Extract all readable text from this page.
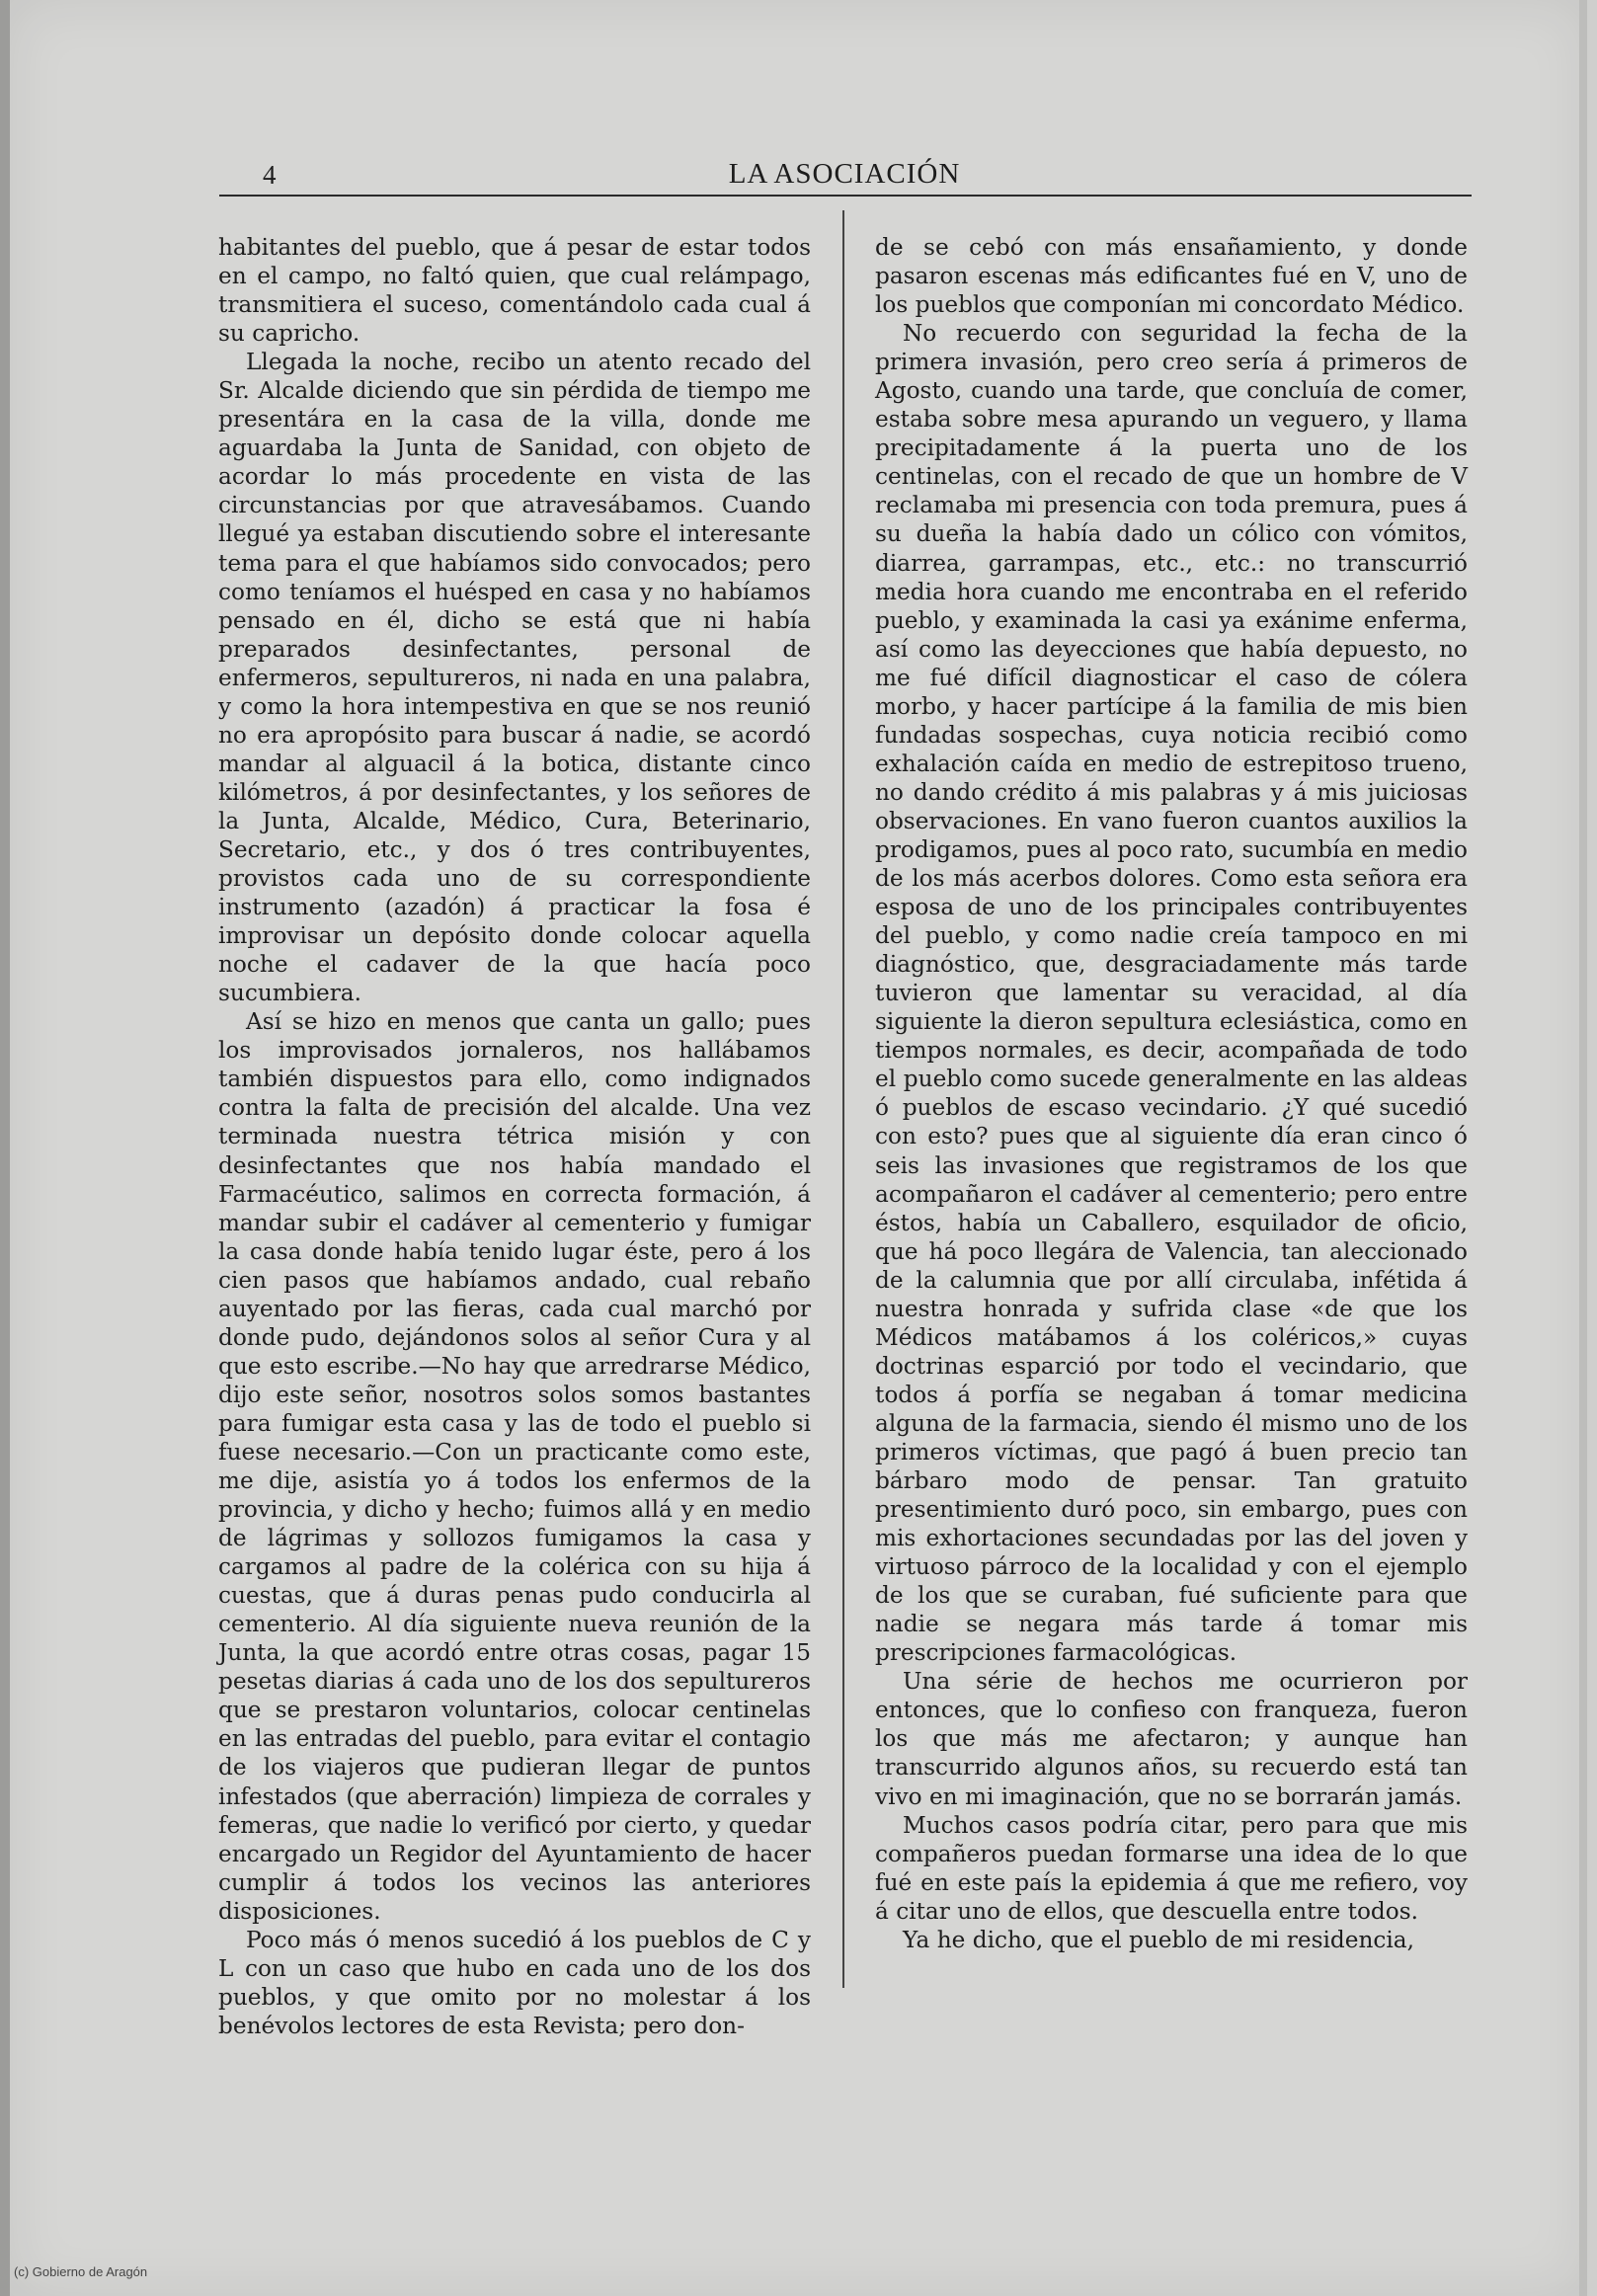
4	LA ASOCIACIÓN

habitantes del pueblo, que á pesar de estar todos en el campo, no faltó quien, que cual relámpago, transmitiera el suceso, comentándolo cada cual á su capricho.

Llegada la noche, recibo un atento recado del Sr. Alcalde diciendo que sin pérdida de tiempo me presentára en la casa de la villa, donde me aguardaba la Junta de Sanidad, con objeto de acordar lo más procedente en vista de las circunstancias por que atravesábamos. Cuando llegué ya estaban discutiendo sobre el interesante tema para el que habíamos sido convocados; pero como teníamos el huésped en casa y no habíamos pensado en él, dicho se está que ni había preparados desinfectantes, personal de enfermeros, sepultureros, ni nada en una palabra, y como la hora intempestiva en que se nos reunió no era apropósito para buscar á nadie, se acordó mandar al alguacil á la botica, distante cinco kilómetros, á por desinfectantes, y los señores de la Junta, Alcalde, Médico, Cura, Beterinario, Secretario, etc., y dos ó tres contribuyentes, provistos cada uno de su correspondiente instrumento (azadón) á practicar la fosa é improvisar un depósito donde colocar aquella noche el cadaver de la que hacía poco sucumbiera.

Así se hizo en menos que canta un gallo; pues los improvisados jornaleros, nos hallábamos también dispuestos para ello, como indignados contra la falta de precisión del alcalde. Una vez terminada nuestra tétrica misión y con desinfectantes que nos había mandado el Farmacéutico, salimos en correcta formación, á mandar subir el cadáver al cementerio y fumigar la casa donde había tenido lugar éste, pero á los cien pasos que habíamos andado, cual rebaño auyentado por las fieras, cada cual marchó por donde pudo, dejándonos solos al señor Cura y al que esto escribe.—No hay que arredrarse Médico, dijo este señor, nosotros solos somos bastantes para fumigar esta casa y las de todo el pueblo si fuese necesario.—Con un practicante como este, me dije, asistía yo á todos los enfermos de la provincia, y dicho y hecho; fuimos allá y en medio de lágrimas y sollozos fumigamos la casa y cargamos al padre de la colérica con su hija á cuestas, que á duras penas pudo conducirla al cementerio. Al día siguiente nueva reunión de la Junta, la que acordó entre otras cosas, pagar 15 pesetas diarias á cada uno de los dos sepultureros que se prestaron voluntarios, colocar centinelas en las entradas del pueblo, para evitar el contagio de los viajeros que pudieran llegar de puntos infestados (que aberración) limpieza de corrales y femeras, que nadie lo verificó por cierto, y quedar encargado un Regidor del Ayuntamiento de hacer cumplir á todos los vecinos las anteriores disposiciones.

Poco más ó menos sucedió á los pueblos de C y L con un caso que hubo en cada uno de los dos pueblos, y que omito por no molestar á los benévolos lectores de esta Revista; pero don-

de se cebó con más ensañamiento, y donde pasaron escenas más edificantes fué en V, uno de los pueblos que componían mi concordato Médico.

No recuerdo con seguridad la fecha de la primera invasión, pero creo sería á primeros de Agosto, cuando una tarde, que concluía de comer, estaba sobre mesa apurando un veguero, y llama precipitadamente á la puerta uno de los centinelas, con el recado de que un hombre de V reclamaba mi presencia con toda premura, pues á su dueña la había dado un cólico con vómitos, diarrea, garrampas, etc., etc.: no transcurrió media hora cuando me encontraba en el referido pueblo, y examinada la casi ya exánime enferma, así como las deyecciones que había depuesto, no me fué difícil diagnosticar el caso de cólera morbo, y hacer partícipe á la familia de mis bien fundadas sospechas, cuya noticia recibió como exhalación caída en medio de estrepitoso trueno, no dando crédito á mis palabras y á mis juiciosas observaciones. En vano fueron cuantos auxilios la prodigamos, pues al poco rato, sucumbía en medio de los más acerbos dolores. Como esta señora era esposa de uno de los principales contribuyentes del pueblo, y como nadie creía tampoco en mi diagnóstico, que, desgraciadamente más tarde tuvieron que lamentar su veracidad, al día siguiente la dieron sepultura eclesiástica, como en tiempos normales, es decir, acompañada de todo el pueblo como sucede generalmente en las aldeas ó pueblos de escaso vecindario. ¿Y qué sucedió con esto? pues que al siguiente día eran cinco ó seis las invasiones que registramos de los que acompañaron el cadáver al cementerio; pero entre éstos, había un Caballero, esquilador de oficio, que há poco llegára de Valencia, tan aleccionado de la calumnia que por allí circulaba, infétida á nuestra honrada y sufrida clase «de que los Médicos matábamos á los coléricos,» cuyas doctrinas esparció por todo el vecindario, que todos á porfía se negaban á tomar medicina alguna de la farmacia, siendo él mismo uno de los primeros víctimas, que pagó á buen precio tan bárbaro modo de pensar. Tan gratuito presentimiento duró poco, sin embargo, pues con mis exhortaciones secundadas por las del joven y virtuoso párroco de la localidad y con el ejemplo de los que se curaban, fué suficiente para que nadie se negara más tarde á tomar mis prescripciones farmacológicas.

Una série de hechos me ocurrieron por entonces, que lo confieso con franqueza, fueron los que más me afectaron; y aunque han transcurrido algunos años, su recuerdo está tan vivo en mi imaginación, que no se borrarán jamás.

Muchos casos podría citar, pero para que mis compañeros puedan formarse una idea de lo que fué en este país la epidemia á que me refiero, voy á citar uno de ellos, que descuella entre todos.

Ya he dicho, que el pueblo de mi residencia,

(c) Gobierno de Aragón
